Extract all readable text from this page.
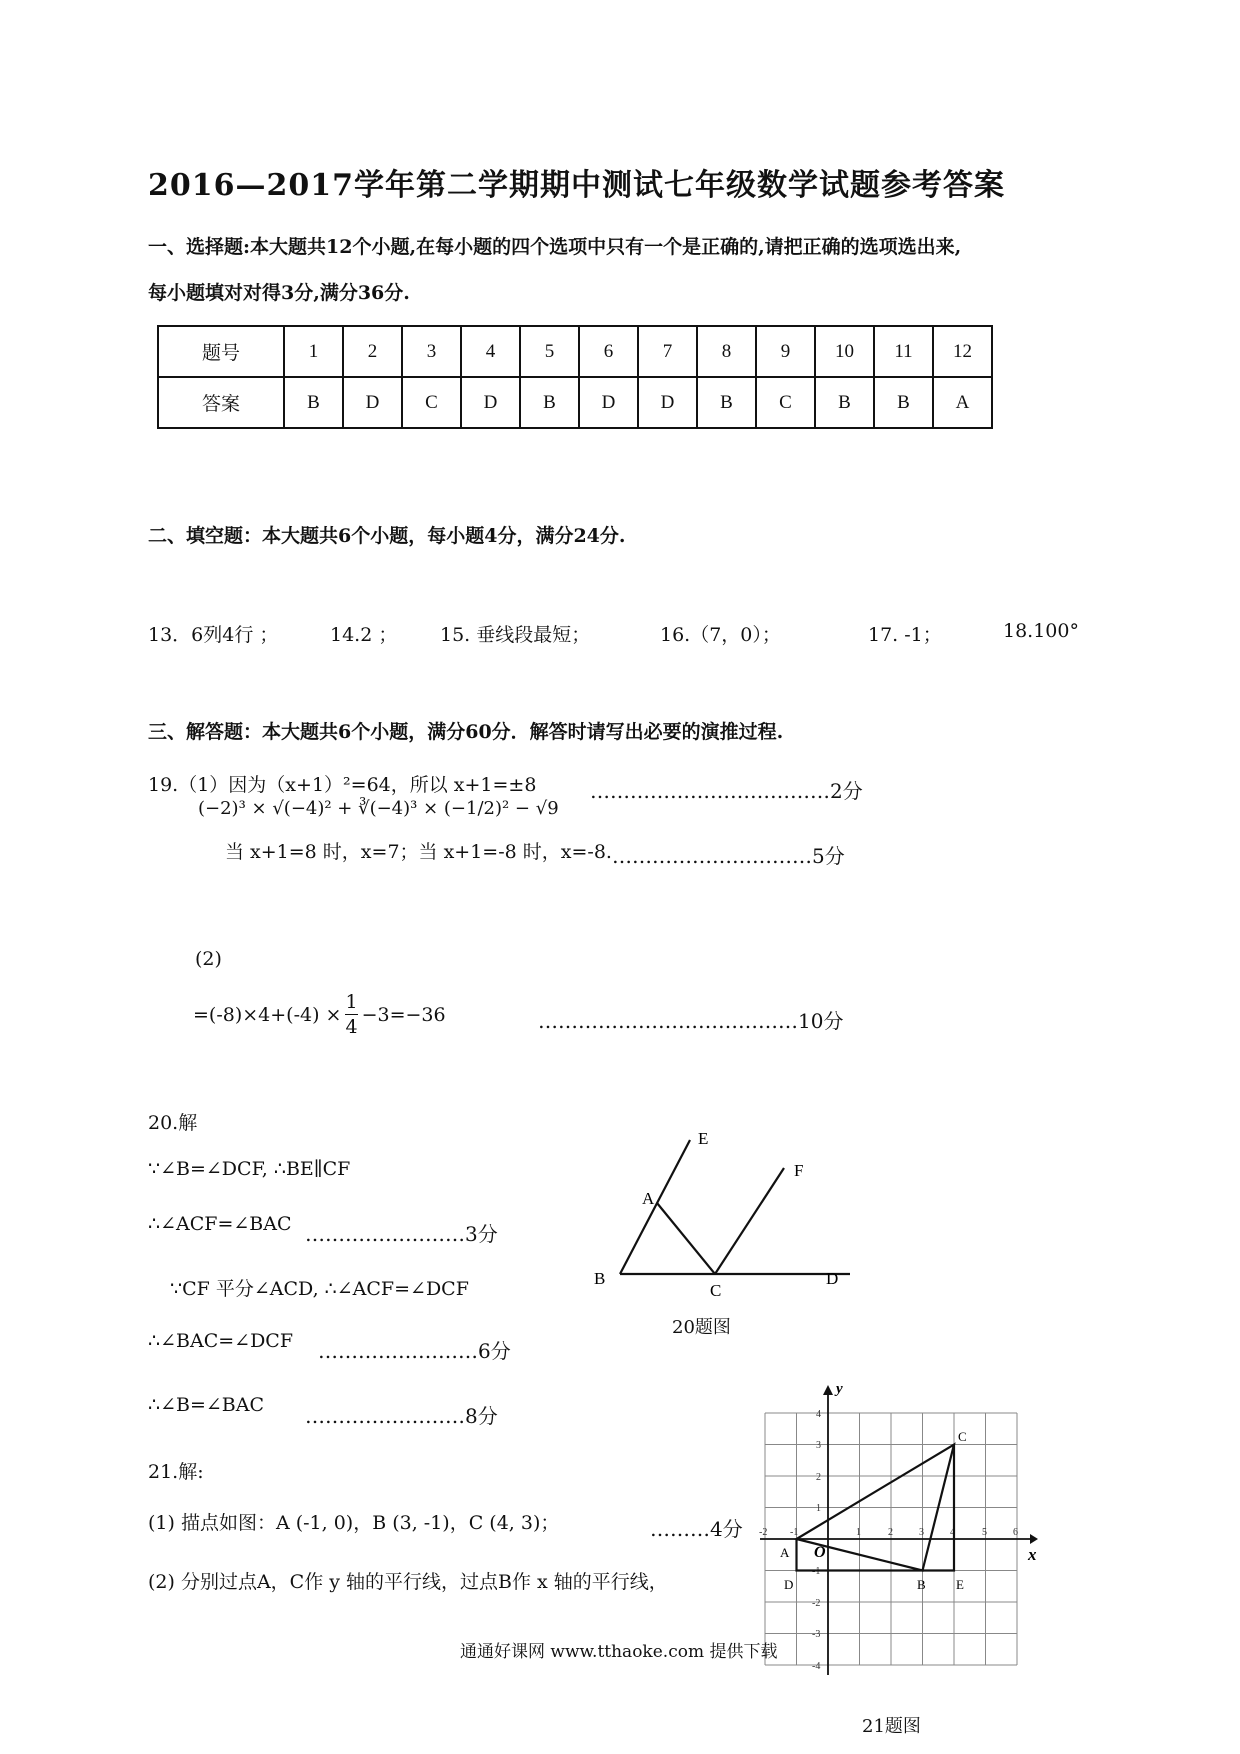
2016—2017学年第二学期期中测试七年级数学试题参考答案
一、选择题:本大题共12个小题,在每小题的四个选项中只有一个是正确的,请把正确的选项选出来,
每小题填对对得3分,满分36分.
题号	1	2	3	4	5	6	7	8	9	10	11	12
答案	B	D	C	D	B	D	D	B	C	B	B	A
二、填空题：本大题共6个小题，每小题4分，满分24分.
13．6列4行 ；	14.2 ； 15. 垂线段最短；	16.（7，0）；	17. -1；	18.100°
三、解答题：本大题共6个小题，满分60分．解答时请写出必要的演推过程.
19.（1）因为（x+1）²=64，所以 x+1=±8	………………………………2分
(−2)³ × √(−4)² + ∛(−4)³ × (−1/2)² − √9
当 x+1=8 时，x=7；当 x+1=-8 时，x=-8. …………………………5分
(2)
$=(-8)\times 4+(-4) \times \frac{1}{4} -3=-36$	…………………………………10分
20.解
∵∠B=∠DCF, ∴BE∥CF
∴∠ACF=∠BAC ……………………3分
∵CF 平分∠ACD, ∴∠ACF=∠DCF
∴∠BAC=∠DCF ……………………6分
∴∠B=∠BAC ……………………8分
E
A
F
B
C
D
20题图
21.解:
(1) 描点如图：A (-1, 0)，B (3, -1)，C (4, 3)；	………4分
(2) 分别过点A，C作 y 轴的平行线，过点B作 x 轴的平行线，
x
y
O
-2 -1	1	2	3	4	5	6
4
3
2
1
-1
-2
-3
-4
A
B
C
D	E
通通好课网 www.tthaoke.com 提供下载
21题图
